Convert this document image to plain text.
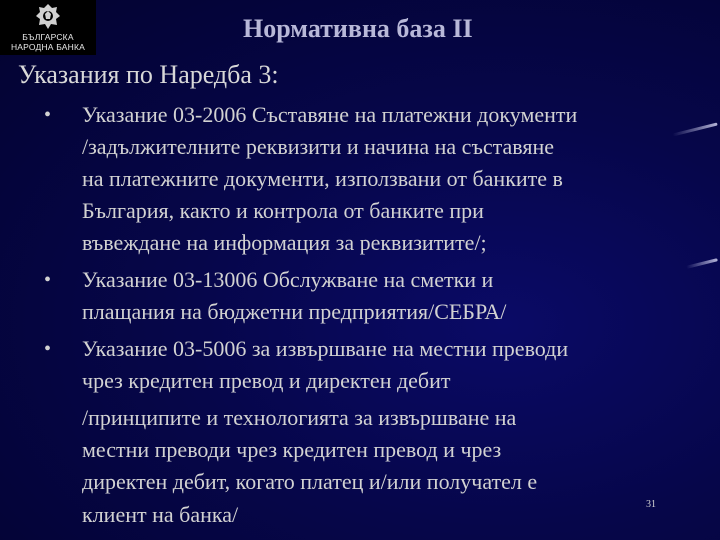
БЪЛГАРСКА
НАРОДНА БАНКА
Нормативна база II
Указания по Наредба 3:
• Указание 03-2006 Съставяне на платежни документи
/задължителните реквизити и начина на съставяне
на платежните документи, използвани от банките в
България, както и контрола от банките при
въвеждане на информация за реквизитите/;
• Указание 03-13006 Обслужване на сметки и
плащания на бюджетни предприятия/СЕБРА/
• Указание 03-5006 за извършване на местни преводи
чрез кредитен превод и директен дебит
/принципите и технологията за извършване на
местни преводи чрез кредитен превод и чрез
директен дебит, когато платец и/или получател е
клиент на банка/	31
